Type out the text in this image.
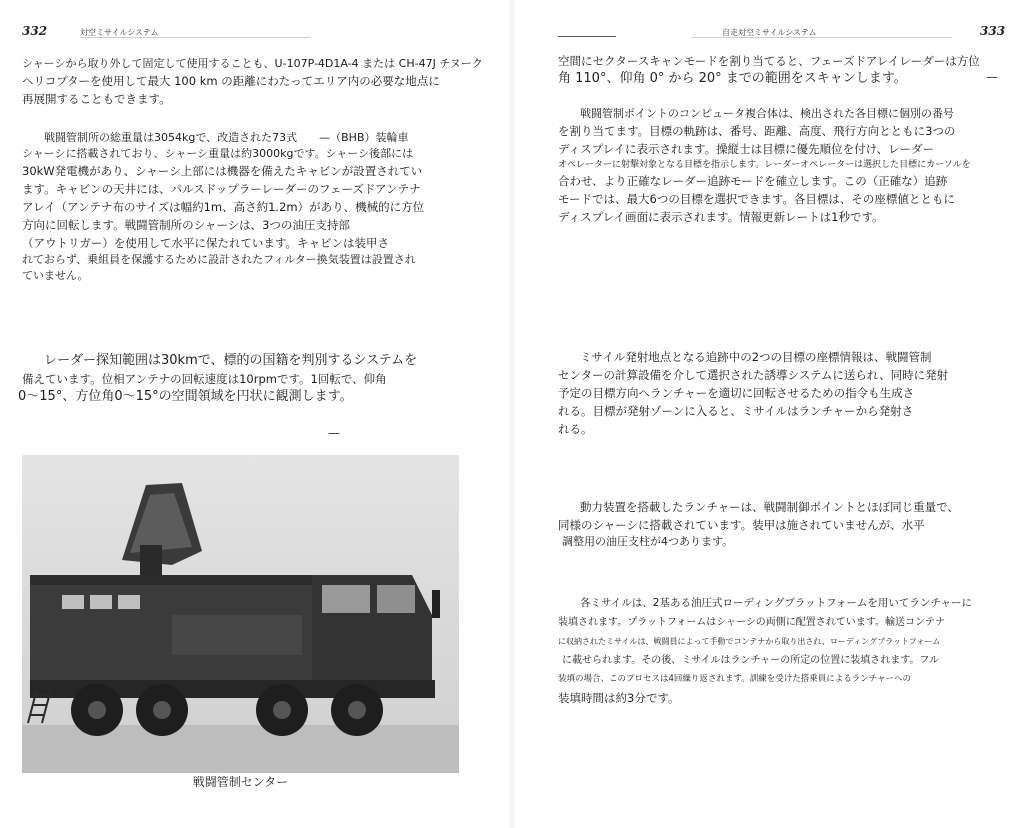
332	対空ミサイルシステム

シャーシから取り外して固定して使用することも、U-107P-4D1A-4 または CH-47J チヌーク
ヘリコプターを使用して最大 100 km の距離にわたってエリア内の必要な地点に
再展開することもできます。

戦闘管制所の総重量は3054kgで、改造された73式　　—（BHB）装輪車
シャーシに搭載されており、シャーシ重量は約3000kgです。シャーシ後部には
30kW発電機があり、シャーシ上部には機器を備えたキャビンが設置されてい
ます。キャビンの天井には、パルスドップラーレーダーのフェーズドアンテナ
アレイ（アンテナ布のサイズは幅約1m、高さ約1.2m）があり、機械的に方位
方向に回転します。戦闘管制所のシャーシは、3つの油圧支持部
（アウトリガー）を使用して水平に保たれています。キャビンは装甲さ
れておらず、乗組員を保護するために設計されたフィルター換気装置は設置され
ていません。

レーダー探知範囲は30kmで、標的の国籍を判別するシステムを
備えています。位相アンテナの回転速度は10rpmです。1回転で、仰角
0～15°、方位角0～15°の空間領域を円状に観測します。

—
戦闘管制センター
自走対空ミサイルシステム	333

空間にセクタースキャンモードを割り当てると、フェーズドアレイレーダーは方位
角 110°、仰角 0° から 20° までの範囲をスキャンします。	—

戦闘管制ポイントのコンピュータ複合体は、検出された各目標に個別の番号
を割り当てます。目標の軌跡は、番号、距離、高度、飛行方向とともに3つの
ディスプレイに表示されます。操縦士は目標に優先順位を付け、レーダー
オペレーターに射撃対象となる目標を指示します。レーダーオペレーターは選択した目標にカーソルを
合わせ、より正確なレーダー追跡モードを確立します。この（正確な）追跡
モードでは、最大6つの目標を選択できます。各目標は、その座標値とともに
ディスプレイ画面に表示されます。情報更新レートは1秒です。

ミサイル発射地点となる追跡中の2つの目標の座標情報は、戦闘管制
センターの計算設備を介して選択された誘導システムに送られ、同時に発射
予定の目標方向へランチャーを適切に回転させるための指令も生成さ
れる。目標が発射ゾーンに入ると、ミサイルはランチャーから発射さ
れる。

動力装置を搭載したランチャーは、戦闘制御ポイントとほぼ同じ重量で、
同様のシャーシに搭載されています。装甲は施されていませんが、水平
調整用の油圧支柱が4つあります。

各ミサイルは、2基ある油圧式ローディングプラットフォームを用いてランチャーに
装填されます。プラットフォームはシャーシの両側に配置されています。輸送コンテナ
に収納されたミサイルは、戦闘員によって手動でコンテナから取り出され、ローディングプラットフォーム
に載せられます。その後、ミサイルはランチャーの所定の位置に装填されます。フル
装填の場合、このプロセスは4回繰り返されます。訓練を受けた搭乗員によるランチャーへの
装填時間は約3分です。
